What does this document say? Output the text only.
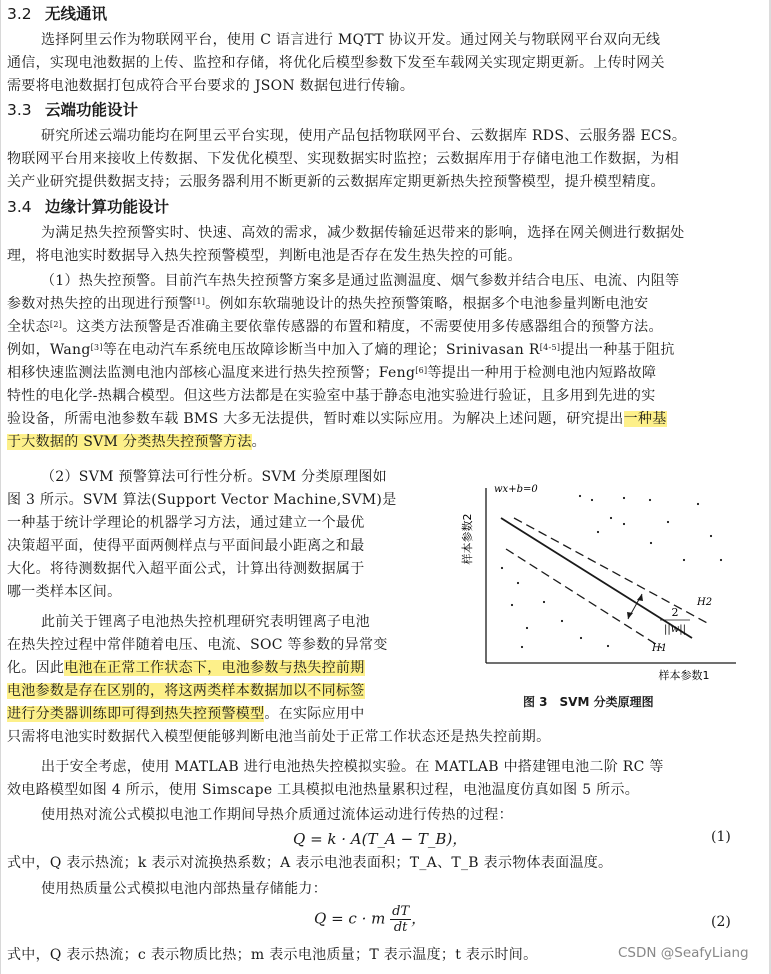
3.2 无线通讯
选择阿里云作为物联网平台，使用 C 语言进行 MQTT 协议开发。通过网关与物联网平台双向无线
通信，实现电池数据的上传、监控和存储，将优化后模型参数下发至车载网关实现定期更新。上传时网关
需要将电池数据打包成符合平台要求的 JSON 数据包进行传输。
3.3 云端功能设计
研究所述云端功能均在阿里云平台实现，使用产品包括物联网平台、云数据库 RDS、云服务器 ECS。
物联网平台用来接收上传数据、下发优化模型、实现数据实时监控；云数据库用于存储电池工作数据，为相
关产业研究提供数据支持；云服务器利用不断更新的云数据库定期更新热失控预警模型，提升模型精度。
3.4 边缘计算功能设计
为满足热失控预警实时、快速、高效的需求，减少数据传输延迟带来的影响，选择在网关侧进行数据处
理，将电池实时数据导入热失控预警模型，判断电池是否存在发生热失控的可能。
（1）热失控预警。目前汽车热失控预警方案多是通过监测温度、烟气参数并结合电压、电流、内阻等
参数对热失控的出现进行预警[1]。例如东软瑞驰设计的热失控预警策略，根据多个电池参量判断电池安
全状态[2]。这类方法预警是否准确主要依靠传感器的布置和精度，不需要使用多传感器组合的预警方法。
例如，Wang[3]等在电动汽车系统电压故障诊断当中加入了熵的理论；Srinivasan R[4-5]提出一种基于阻抗
相移快速监测法监测电池内部核心温度来进行热失控预警；Feng[6]等提出一种用于检测电池内短路故障
特性的电化学-热耦合模型。但这些方法都是在实验室中基于静态电池实验进行验证，且多用到先进的实
验设备，所需电池参数车载 BMS 大多无法提供，暂时难以实际应用。为解决上述问题，研究提出一种基
于大数据的 SVM 分类热失控预警方法。
（2）SVM 预警算法可行性分析。SVM 分类原理图如
图 3 所示。SVM 算法(Support Vector Machine,SVM)是
一种基于统计学理论的机器学习方法，通过建立一个最优
决策超平面，使得平面两侧样点与平面间最小距离之和最
大化。将待测数据代入超平面公式，计算出待测数据属于
哪一类样本区间。
此前关于锂离子电池热失控机理研究表明锂离子电池
在热失控过程中常伴随着电压、电流、SOC 等参数的异常变
化。因此电池在正常工作状态下，电池参数与热失控前期
电池参数是存在区别的，将这两类样本数据加以不同标签
进行分类器训练即可得到热失控预警模型。在实际应用中
只需将电池实时数据代入模型便能够判断电池当前处于正常工作状态还是热失控前期。
样本参数2
样本参数1
wx+b=0
H2
H1
2
||w||
图 3　SVM 分类原理图
出于安全考虑，使用 MATLAB 进行电池热失控模拟实验。在 MATLAB 中搭建锂电池二阶 RC 等
效电路模型如图 4 所示，使用 Simscape 工具模拟电池热量累积过程，电池温度仿真如图 5 所示。
使用热对流公式模拟电池工作期间导热介质通过流体运动进行传热的过程：
Q = k · A(T_A − T_B)，	(1)
式中，Q 表示热流；k 表示对流换热系数；A 表示电池表面积；T_A、T_B 表示物体表面温度。
使用热质量公式模拟电池内部热量存储能力：
Q = c · m $\frac{dT}{dt}$ ，	(2)
式中，Q 表示热流；c 表示物质比热；m 表示电池质量；T 表示温度；t 表示时间。	CSDN @SeafyLiang
